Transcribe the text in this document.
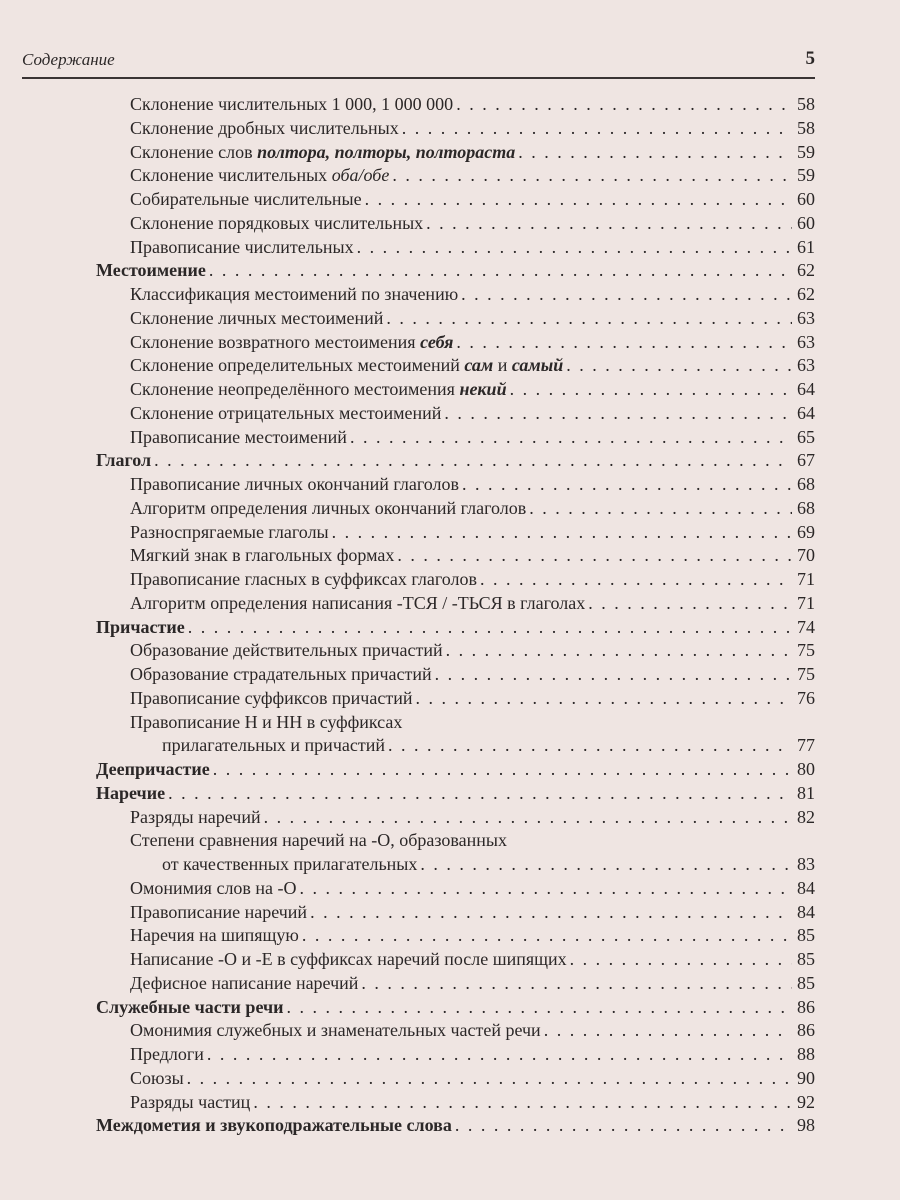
Содержание	5
Склонение числительных 1 000, 1 000 000 . . .	58
Склонение дробных числительных . . .	58
Склонение слов полтора, полторы, полтораста . . .	59
Склонение числительных оба/обе . . .	59
Собирательные числительные . . .	60
Склонение порядковых числительных . . .	60
Правописание числительных . . .	61
Местоимение . . .	62
Классификация местоимений по значению . . .	62
Склонение личных местоимений . . .	63
Склонение возвратного местоимения себя . . .	63
Склонение определительных местоимений сам и самый . . .	63
Склонение неопределённого местоимения некий . . .	64
Склонение отрицательных местоимений . . .	64
Правописание местоимений . . .	65
Глагол . . .	67
Правописание личных окончаний глаголов . . .	68
Алгоритм определения личных окончаний глаголов . . .	68
Разноспрягаемые глаголы . . .	69
Мягкий знак в глагольных формах . . .	70
Правописание гласных в суффиксах глаголов . . .	71
Алгоритм определения написания -ТСЯ / -ТЬСЯ в глаголах . . .	71
Причастие . . .	74
Образование действительных причастий . . .	75
Образование страдательных причастий . . .	75
Правописание суффиксов причастий . . .	76
Правописание Н и НН в суффиксах
прилагательных и причастий . . .	77
Деепричастие . . .	80
Наречие . . .	81
Разряды наречий . . .	82
Степени сравнения наречий на -О, образованных
от качественных прилагательных . . .	83
Омонимия слов на -О . . .	84
Правописание наречий . . .	84
Наречия на шипящую . . .	85
Написание -О и -Е в суффиксах наречий после шипящих . . .	85
Дефисное написание наречий . . .	85
Служебные части речи . . .	86
Омонимия служебных и знаменательных частей речи . . .	86
Предлоги . . .	88
Союзы . . .	90
Разряды частиц . . .	92
Междометия и звукоподражательные слова . . .	98
